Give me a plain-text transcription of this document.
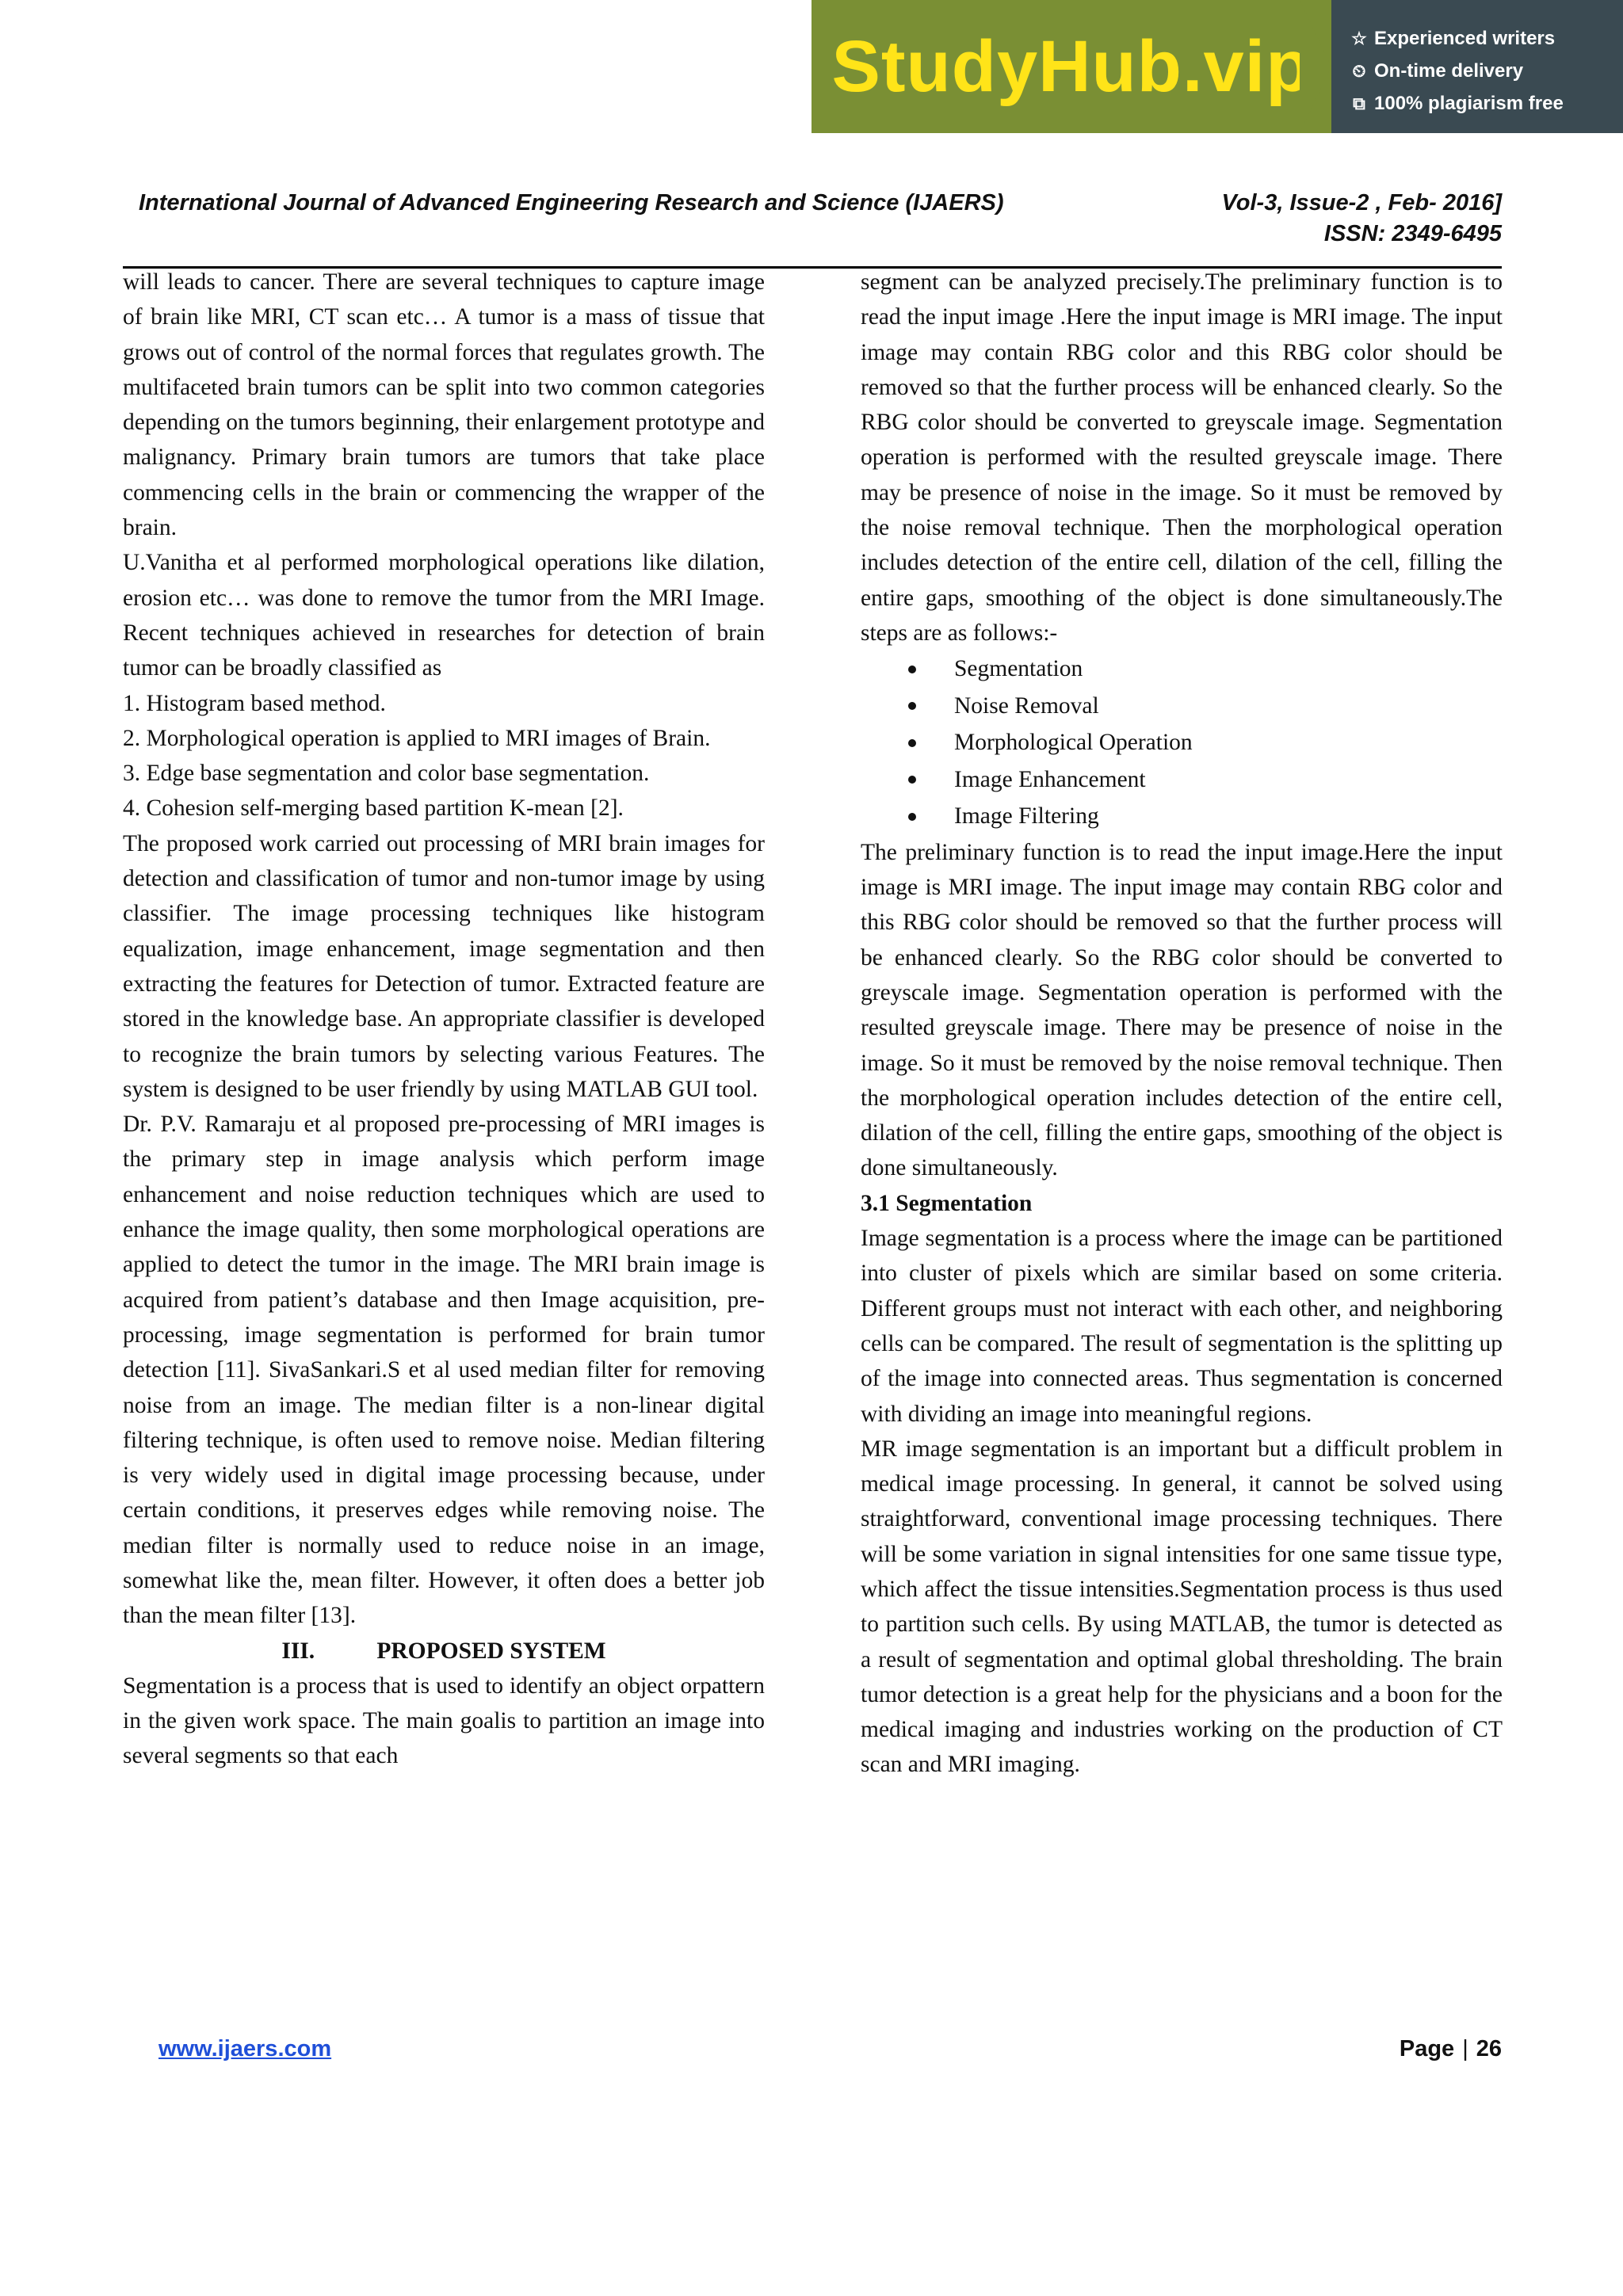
StudyHub.vip	☆ Experienced writers
⏲ On-time delivery
⧉ 100% plagiarism free
International Journal of Advanced Engineering Research and Science (IJAERS)	Vol-3, Issue-2 , Feb- 2016]
ISSN: 2349-6495

will leads to cancer. There are several techniques to capture image of brain like MRI, CT scan etc… A tumor is a mass of tissue that grows out of control of the normal forces that regulates growth. The multifaceted brain tumors can be split into two common categories depending on the tumors beginning, their enlargement prototype and malignancy. Primary brain tumors are tumors that take place commencing cells in the brain or commencing the wrapper of the brain.

U.Vanitha et al performed morphological operations like dilation, erosion etc… was done to remove the tumor from the MRI Image. Recent techniques achieved in researches for detection of brain tumor can be broadly classified as

1. Histogram based method.

2. Morphological operation is applied to MRI images of Brain.

3. Edge base segmentation and color base segmentation.

4. Cohesion self-merging based partition K-mean [2].

The proposed work carried out processing of MRI brain images for detection and classification of tumor and non-tumor image by using classifier. The image processing techniques like histogram equalization, image enhancement, image segmentation and then extracting the features for Detection of tumor. Extracted feature are stored in the knowledge base. An appropriate classifier is developed to recognize the brain tumors by selecting various Features. The system is designed to be user friendly by using MATLAB GUI tool.

Dr. P.V. Ramaraju et al proposed pre-processing of MRI images is the primary step in image analysis which perform image enhancement and noise reduction techniques which are used to enhance the image quality, then some morphological operations are applied to detect the tumor in the image. The MRI brain image is acquired from patient’s database and then Image acquisition, pre-processing, image segmentation is performed for brain tumor detection [11]. SivaSankari.S et al used median filter for removing noise from an image. The median filter is a non-linear digital filtering technique, is often used to remove noise. Median filtering is very widely used in digital image processing because, under certain conditions, it preserves edges while removing noise. The median filter is normally used to reduce noise in an image, somewhat like the, mean filter. However, it often does a better job than the mean filter [13].

III.	PROPOSED SYSTEM

Segmentation is a process that is used to identify an object orpattern in the given work space. The main goalis to partition an image into several segments so that each

segment can be analyzed precisely.The preliminary function is to read the input image .Here the input image is MRI image. The input image may contain RBG color and this RBG color should be removed so that the further process will be enhanced clearly. So the RBG color should be converted to greyscale image. Segmentation operation is performed with the resulted greyscale image. There may be presence of noise in the image. So it must be removed by the noise removal technique. Then the morphological operation includes detection of the entire cell, dilation of the cell, filling the entire gaps, smoothing of the object is done simultaneously.The steps are as follows:-

Segmentation
Noise Removal
Morphological Operation
Image Enhancement
Image Filtering

The preliminary function is to read the input image.Here the input image is MRI image. The input image may contain RBG color and this RBG color should be removed so that the further process will be enhanced clearly. So the RBG color should be converted to greyscale image. Segmentation operation is performed with the resulted greyscale image. There may be presence of noise in the image. So it must be removed by the noise removal technique. Then the morphological operation includes detection of the entire cell, dilation of the cell, filling the entire gaps, smoothing of the object is done simultaneously.

3.1 Segmentation

Image segmentation is a process where the image can be partitioned into cluster of pixels which are similar based on some criteria. Different groups must not interact with each other, and neighboring cells can be compared. The result of segmentation is the splitting up of the image into connected areas. Thus segmentation is concerned with dividing an image into meaningful regions.

MR image segmentation is an important but a difficult problem in medical image processing. In general, it cannot be solved using straightforward, conventional image processing techniques. There will be some variation in signal intensities for one same tissue type, which affect the tissue intensities.Segmentation process is thus used to partition such cells. By using MATLAB, the tumor is detected as a result of segmentation and optimal global thresholding. The brain tumor detection is a great help for the physicians and a boon for the medical imaging and industries working on the production of CT scan and MRI imaging.

www.ijaers.com	Page | 26
